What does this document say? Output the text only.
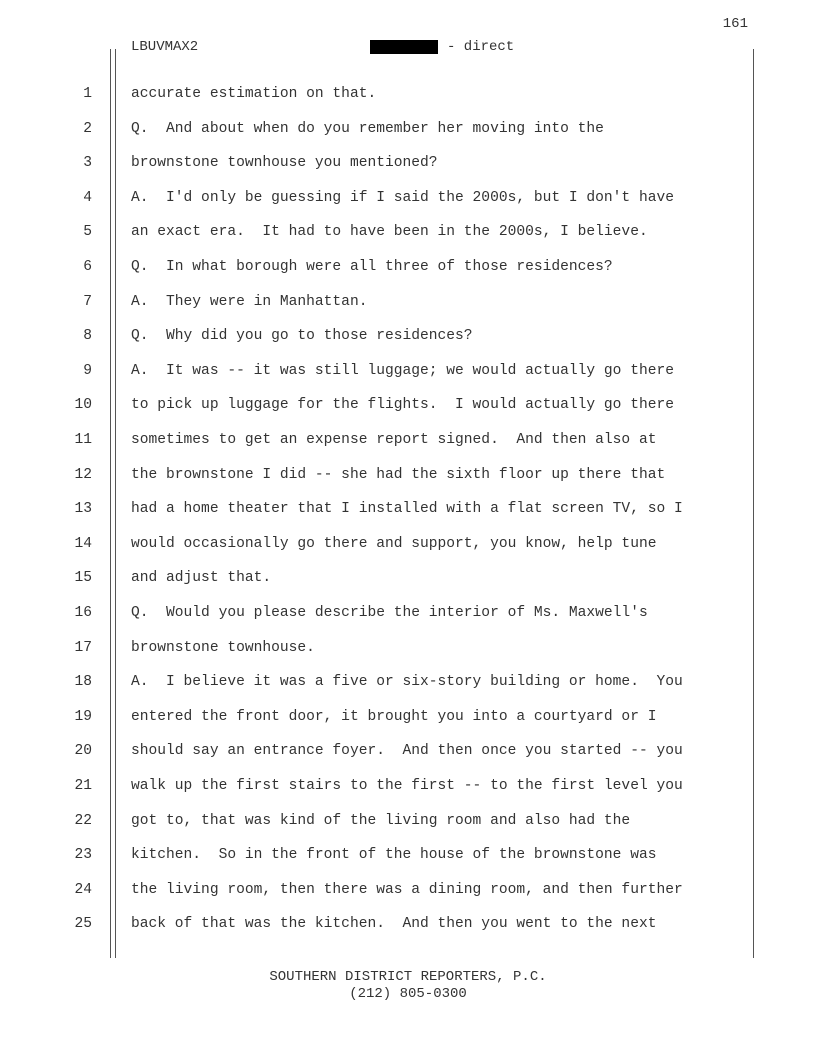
161
LBUVMAX2	- direct
1	accurate estimation on that.
2	Q.  And about when do you remember her moving into the
3	brownstone townhouse you mentioned?
4	A.  I'd only be guessing if I said the 2000s, but I don't have
5	an exact era.  It had to have been in the 2000s, I believe.
6	Q.  In what borough were all three of those residences?
7	A.  They were in Manhattan.
8	Q.  Why did you go to those residences?
9	A.  It was -- it was still luggage; we would actually go there
10	to pick up luggage for the flights.  I would actually go there
11	sometimes to get an expense report signed.  And then also at
12	the brownstone I did -- she had the sixth floor up there that
13	had a home theater that I installed with a flat screen TV, so I
14	would occasionally go there and support, you know, help tune
15	and adjust that.
16	Q.  Would you please describe the interior of Ms. Maxwell's
17	brownstone townhouse.
18	A.  I believe it was a five or six-story building or home.  You
19	entered the front door, it brought you into a courtyard or I
20	should say an entrance foyer.  And then once you started -- you
21	walk up the first stairs to the first -- to the first level you
22	got to, that was kind of the living room and also had the
23	kitchen.  So in the front of the house of the brownstone was
24	the living room, then there was a dining room, and then further
25	back of that was the kitchen.  And then you went to the next
SOUTHERN DISTRICT REPORTERS, P.C.
(212) 805-0300
